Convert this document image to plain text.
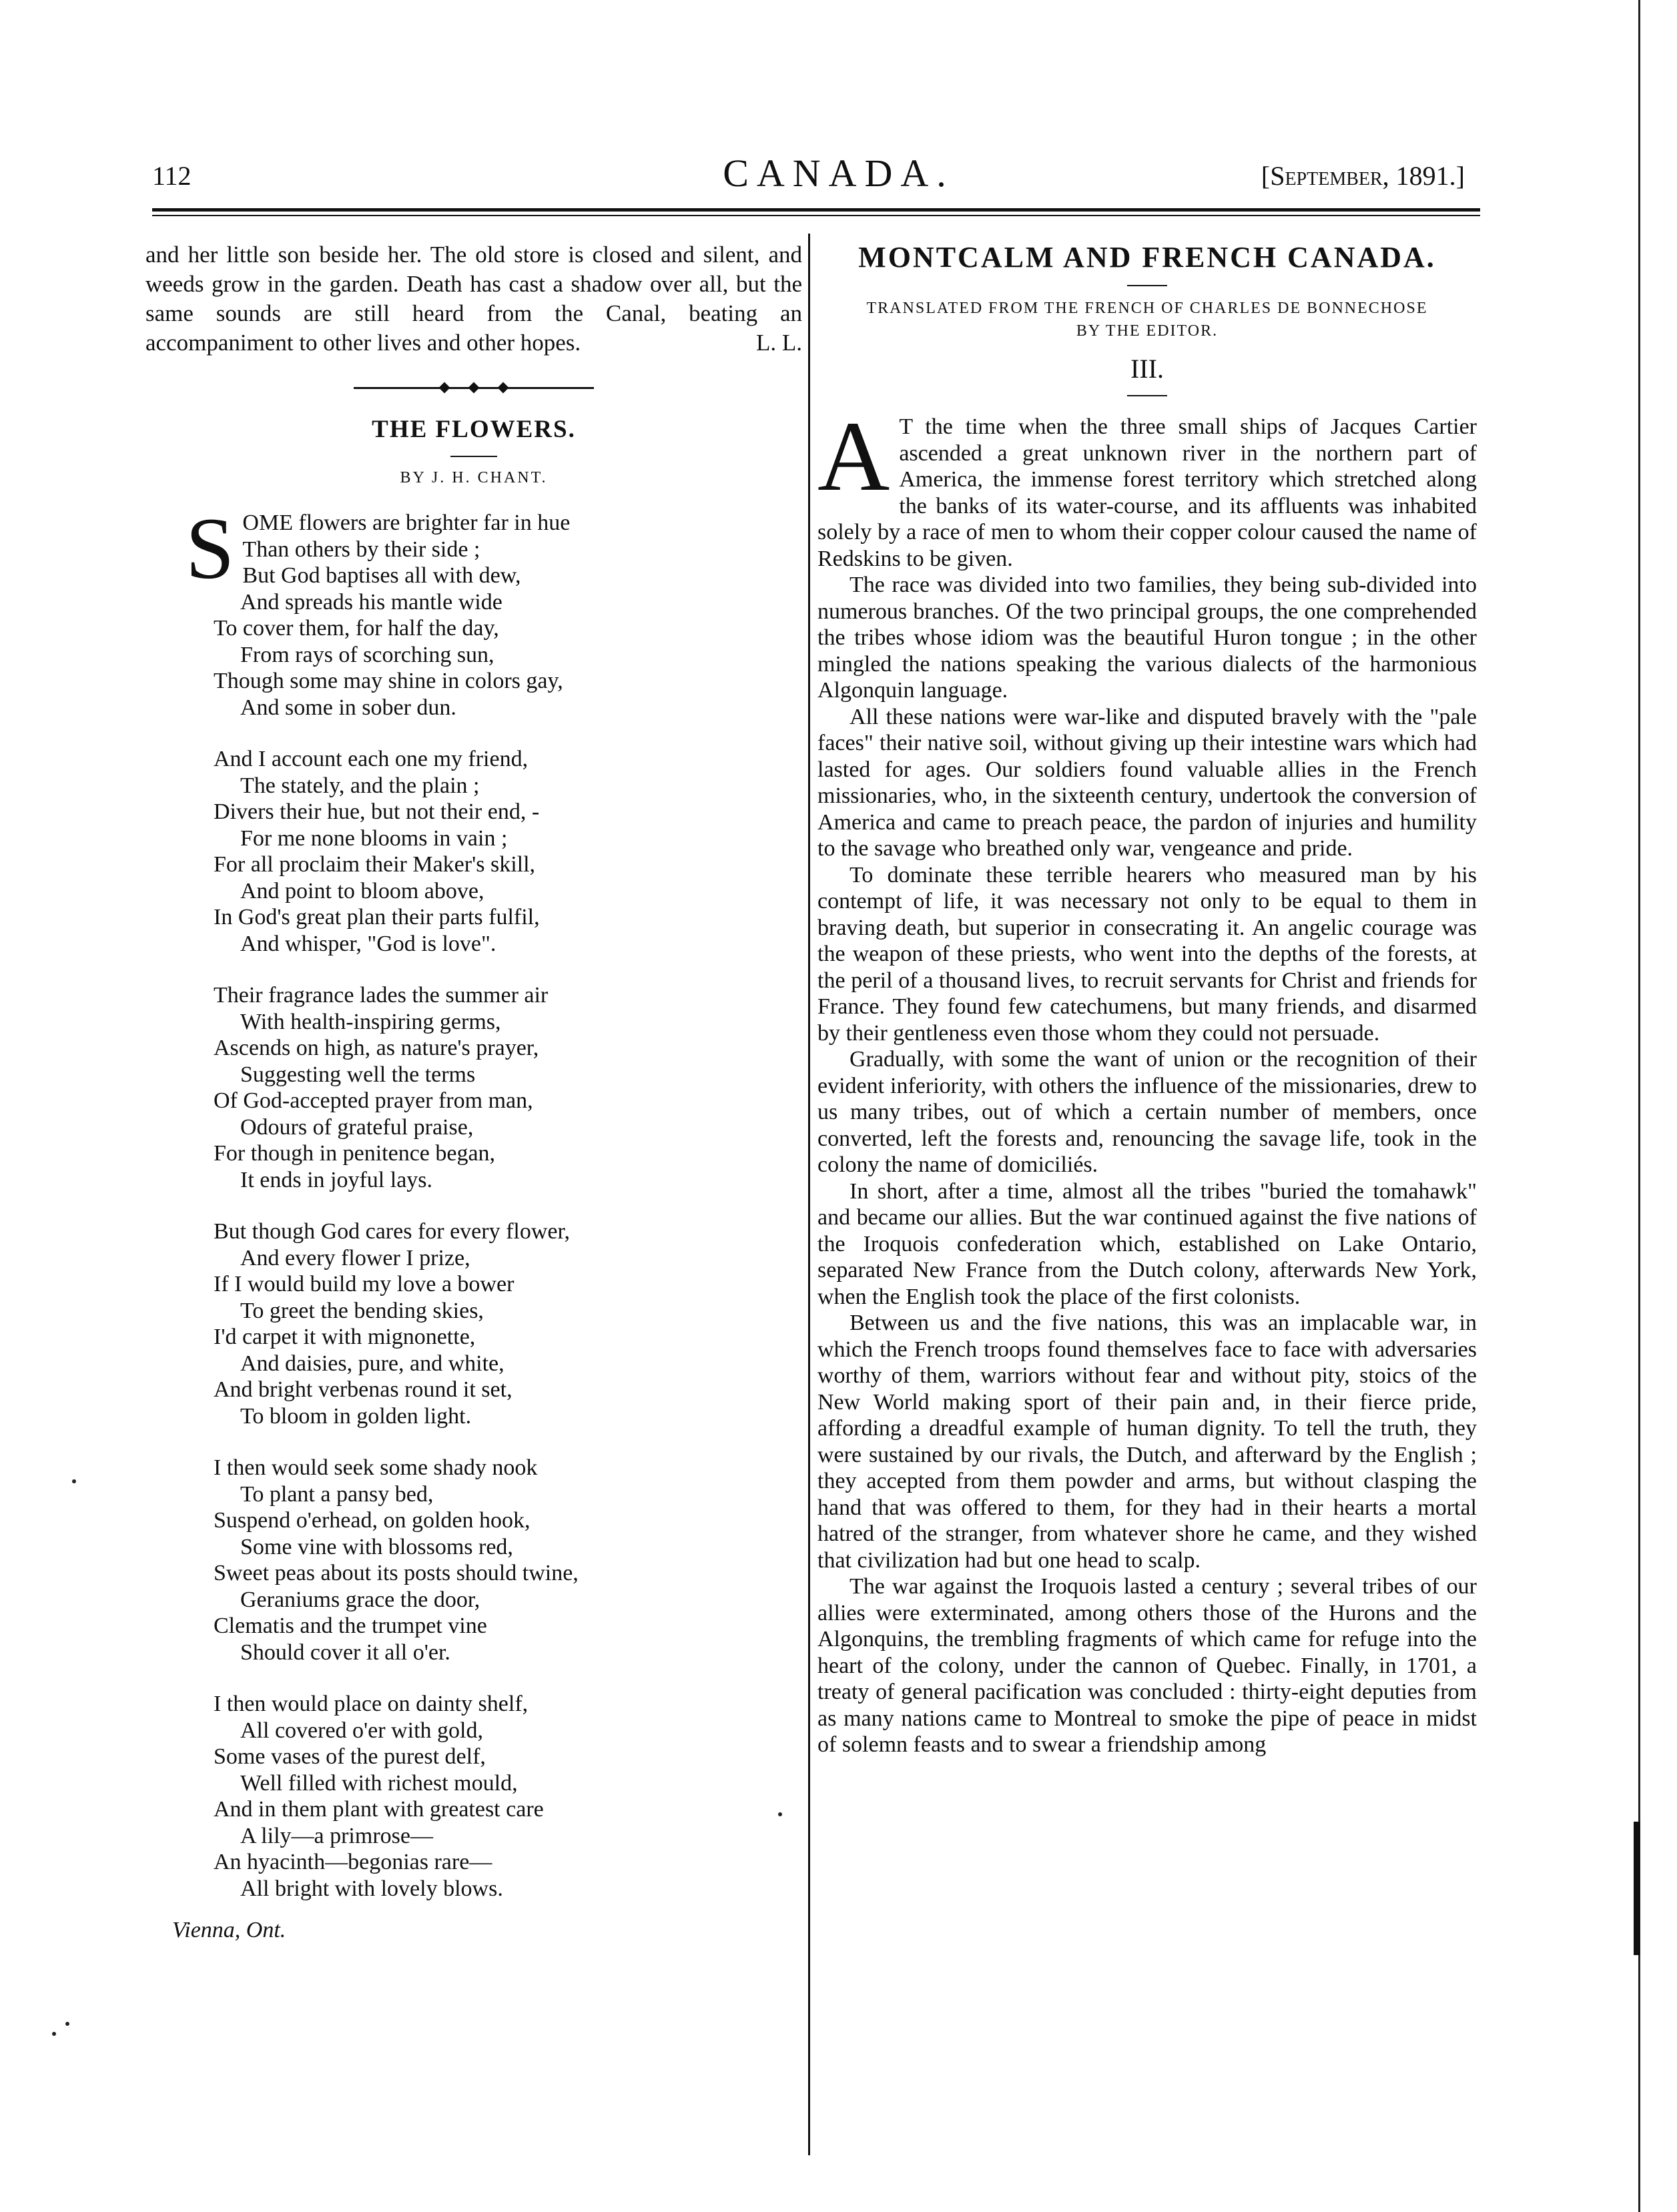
112	CANADA.	[September, 1891.]

and her little son beside her. The old store is closed and silent, and weeds grow in the garden. Death has cast a shadow over all, but the same sounds are still heard from the Canal, beating an accompaniment to other lives and other hopes.	L. L.

THE FLOWERS.
BY J. H. CHANT.
S OME flowers are brighter far in hue
Than others by their side ;
But God baptises all with dew,
And spreads his mantle wide
To cover them, for half the day,
From rays of scorching sun,
Though some may shine in colors gay,
And some in sober dun.
And I account each one my friend,
The stately, and the plain ;
Divers their hue, but not their end, -
For me none blooms in vain ;
For all proclaim their Maker's skill,
And point to bloom above,
In God's great plan their parts fulfil,
And whisper, "God is love".
Their fragrance lades the summer air
With health-inspiring germs,
Ascends on high, as nature's prayer,
Suggesting well the terms
Of God-accepted prayer from man,
Odours of grateful praise,
For though in penitence began,
It ends in joyful lays.
But though God cares for every flower,
And every flower I prize,
If I would build my love a bower
To greet the bending skies,
I'd carpet it with mignonette,
And daisies, pure, and white,
And bright verbenas round it set,
To bloom in golden light.
I then would seek some shady nook
To plant a pansy bed,
Suspend o'erhead, on golden hook,
Some vine with blossoms red,
Sweet peas about its posts should twine,
Geraniums grace the door,
Clematis and the trumpet vine
Should cover it all o'er.
I then would place on dainty shelf,
All covered o'er with gold,
Some vases of the purest delf,
Well filled with richest mould,
And in them plant with greatest care
A lily—a primrose—
An hyacinth—begonias rare—
All bright with lovely blows.
Vienna, Ont.
MONTCALM AND FRENCH CANADA.
TRANSLATED FROM THE FRENCH OF CHARLES DE BONNECHOSE
BY THE EDITOR.
III.

A T the time when the three small ships of Jacques Cartier ascended a great unknown river in the northern part of America, the immense forest territory which stretched along the banks of its water-course, and its affluents was inhabited solely by a race of men to whom their copper colour caused the name of Redskins to be given.

The race was divided into two families, they being sub-divided into numerous branches. Of the two principal groups, the one comprehended the tribes whose idiom was the beautiful Huron tongue ; in the other mingled the nations speaking the various dialects of the harmonious Algonquin language.

All these nations were war-like and disputed bravely with the "pale faces" their native soil, without giving up their intestine wars which had lasted for ages. Our soldiers found valuable allies in the French missionaries, who, in the sixteenth century, undertook the conversion of America and came to preach peace, the pardon of injuries and humility to the savage who breathed only war, vengeance and pride.

To dominate these terrible hearers who measured man by his contempt of life, it was necessary not only to be equal to them in braving death, but superior in consecrating it. An angelic courage was the weapon of these priests, who went into the depths of the forests, at the peril of a thousand lives, to recruit servants for Christ and friends for France. They found few catechumens, but many friends, and disarmed by their gentleness even those whom they could not persuade.

Gradually, with some the want of union or the recognition of their evident inferiority, with others the influence of the missionaries, drew to us many tribes, out of which a certain number of members, once converted, left the forests and, renouncing the savage life, took in the colony the name of domiciliés.

In short, after a time, almost all the tribes "buried the tomahawk" and became our allies. But the war continued against the five nations of the Iroquois confederation which, established on Lake Ontario, separated New France from the Dutch colony, afterwards New York, when the English took the place of the first colonists.

Between us and the five nations, this was an implacable war, in which the French troops found themselves face to face with adversaries worthy of them, warriors without fear and without pity, stoics of the New World making sport of their pain and, in their fierce pride, affording a dreadful example of human dignity. To tell the truth, they were sustained by our rivals, the Dutch, and afterward by the English ; they accepted from them powder and arms, but without clasping the hand that was offered to them, for they had in their hearts a mortal hatred of the stranger, from whatever shore he came, and they wished that civilization had but one head to scalp.

The war against the Iroquois lasted a century ; several tribes of our allies were exterminated, among others those of the Hurons and the Algonquins, the trembling fragments of which came for refuge into the heart of the colony, under the cannon of Quebec. Finally, in 1701, a treaty of general pacification was concluded : thirty-eight deputies from as many nations came to Montreal to smoke the pipe of peace in midst of solemn feasts and to swear a friendship among
